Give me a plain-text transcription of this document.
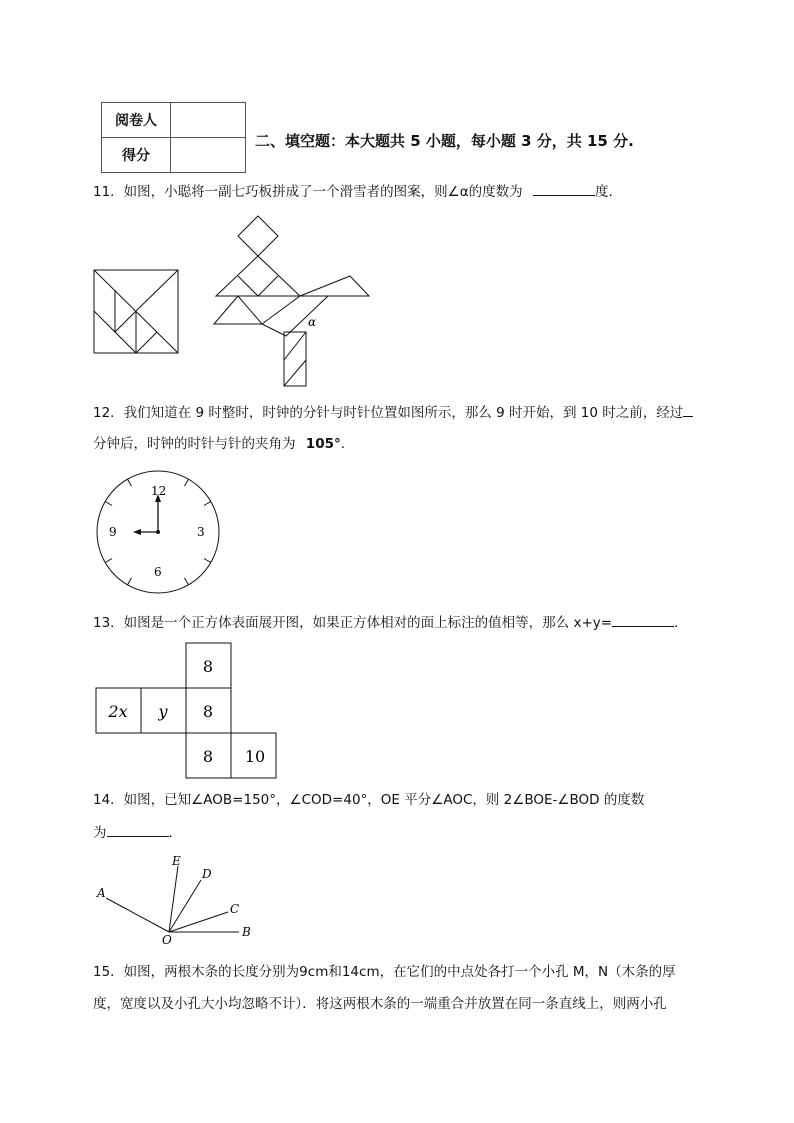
阅卷人	
得分	
二、填空题：本大题共 5 小题，每小题 3 分，共 15 分.
11．如图，小聪将一副七巧板拼成了一个滑雪者的图案，则∠α的度数为	度.
α
12．我们知道在 9 时整时，时钟的分针与时针位置如图所示，那么 9 时开始，到 10 时之前，经过
分钟后，时钟的时针与针的夹角为 105°.
12
3
6
9
13．如图是一个正方体表面展开图，如果正方体相对的面上标注的值相等，那么 x+y=	.
8
2x y 8
8 10
14．如图，已知∠AOB=150°，∠COD=40°，OE 平分∠AOC，则 2∠BOE-∠BOD 的度数
为	.
A
B
C
D
E
O
15．如图，两根木条的长度分别为9cm和14cm，在它们的中点处各打一个小孔 M，N（木条的厚
度，宽度以及小孔大小均忽略不计）．将这两根木条的一端重合并放置在同一条直线上，则两小孔
